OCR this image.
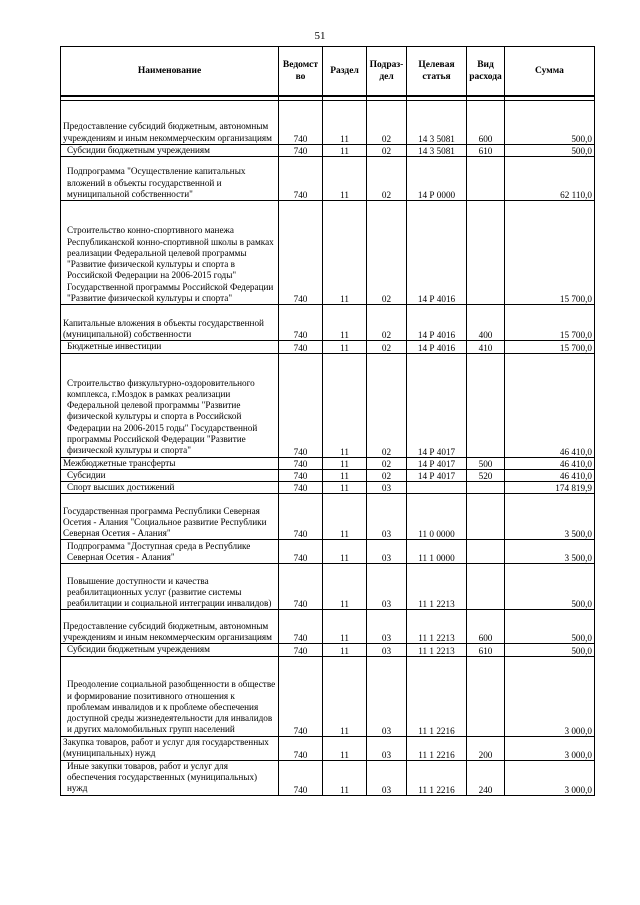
51
Наименование	Ведомст во	Раздел	Подраз- дел	Целевая статья	Вид расхода	Сумма

Предоставление субсидий бюджетным, автономным учреждениям и иным некоммерческим организациям	740	11	02	14 3 5081	600	500,0
Субсидии бюджетным учреждениям	740	11	02	14 3 5081	610	500,0
Подпрограмма "Осуществление капитальных вложений в объекты государственной и муниципальной собственности"	740	11	02	14 Р 0000		62 110,0
Строительство конно-спортивного манежа Республиканской конно-спортивной школы в рамках реализации Федеральной целевой программы "Развитие физической культуры и спорта в Российской Федерации на 2006-2015 годы" Государственной программы Российской Федерации "Развитие физической культуры и спорта"	740	11	02	14 Р 4016		15 700,0
Капитальные вложения в объекты государственной (муниципальной) собственности	740	11	02	14 Р 4016	400	15 700,0
Бюджетные инвестиции	740	11	02	14 Р 4016	410	15 700,0
Строительство физкультурно-оздоровительного комплекса, г.Моздок в рамках реализации Федеральной целевой программы "Развитие физической культуры и спорта в Российской Федерации на 2006-2015 годы" Государственной программы Российской Федерации "Развитие физической культуры и спорта"	740	11	02	14 Р 4017		46 410,0
Межбюджетные трансферты	740	11	02	14 Р 4017	500	46 410,0
Субсидии	740	11	02	14 Р 4017	520	46 410,0
Спорт высших достижений	740	11	03			174 819,9
Государственная программа Республики Северная Осетия - Алания "Социальное развитие Республики Северная Осетия - Алания"	740	11	03	11 0 0000		3 500,0
Подпрограмма "Доступная среда в Республике Северная Осетия - Алания"	740	11	03	11 1 0000		3 500,0
Повышение доступности и качества реабилитационных услуг (развитие системы реабилитации и социальной интеграции инвалидов)	740	11	03	11 1 2213		500,0
Предоставление субсидий бюджетным, автономным учреждениям и иным некоммерческим организациям	740	11	03	11 1 2213	600	500,0
Субсидии бюджетным учреждениям	740	11	03	11 1 2213	610	500,0
Преодоление социальной разобщенности в обществе и формирование позитивного отношения к проблемам инвалидов и к проблеме обеспечения доступной среды жизнедеятельности для инвалидов и других маломобильных групп населений	740	11	03	11 1 2216		3 000,0
Закупка товаров, работ и услуг для государственных (муниципальных) нужд	740	11	03	11 1 2216	200	3 000,0
Иные закупки товаров, работ и услуг для обеспечения государственных (муниципальных) нужд	740	11	03	11 1 2216	240	3 000,0
